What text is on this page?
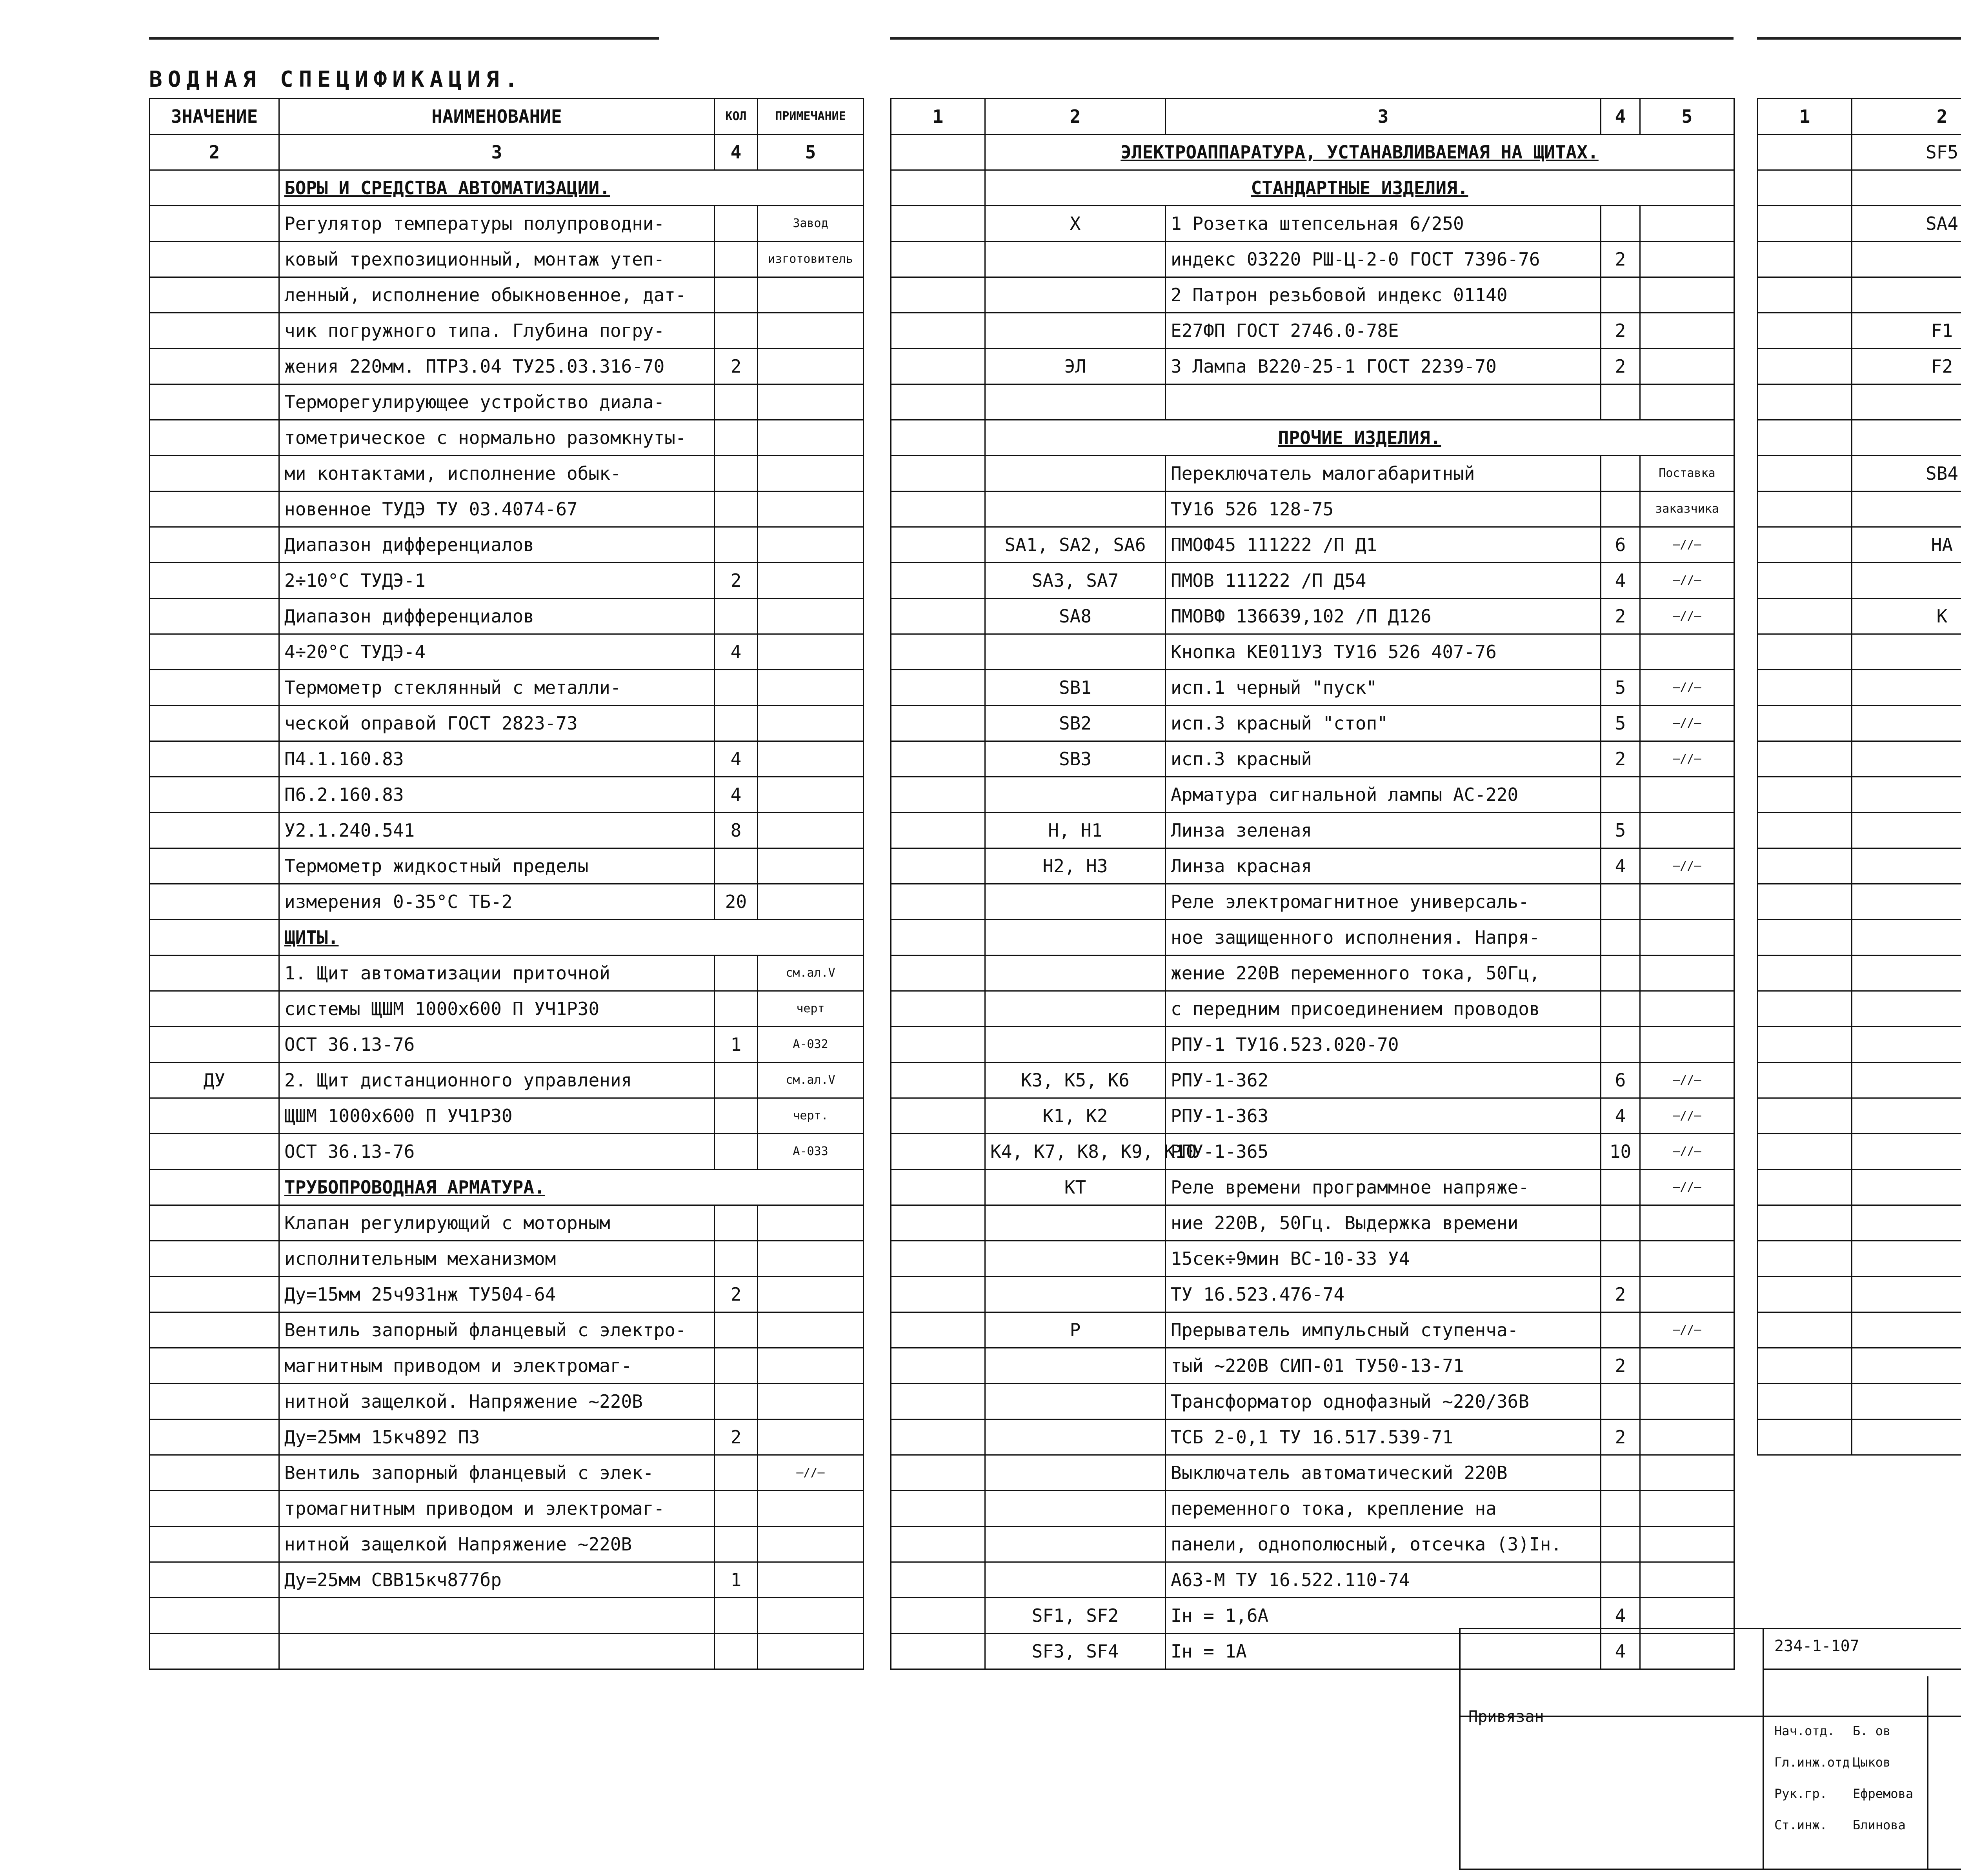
ВОДНАЯ СПЕЦИФИКАЦИЯ.
ЗНАЧЕНИЕ	НАИМЕНОВАНИЕ	КОЛ	ПРИМЕЧАНИЕ
2	3	4	5
	БОРЫ И СРЕДСТВА АВТОМАТИЗАЦИИ.		
	Регулятор температуры полупроводни-		Завод
	ковый трехпозиционный, монтаж утеп-		изготовитель
	ленный, исполнение обыкновенное, дат-		
	чик погружного типа. Глубина погру-		
	жения 220мм. ПТРЗ.04 ТУ25.03.316-70	2	
	Терморегулирующее устройство диала-		
	тометрическое с нормально разомкнуты-		
	ми контактами, исполнение обык-		
	новенное ТУДЭ ТУ 03.4074-67		
	Диапазон дифференциалов		
	2÷10°C ТУДЭ-1	2	
	Диапазон дифференциалов		
	4÷20°C ТУДЭ-4	4	
	Термометр стеклянный с металли-		
	ческой оправой ГОСТ 2823-73		
	П4.1.160.83	4	
	П6.2.160.83	4	
	У2.1.240.541	8	
	Термометр жидкостный пределы		
	измерения 0-35°C ТБ-2	20	
	ЩИТЫ.		
	1. Щит автоматизации приточной		см.ал.V
	системы ЩШМ 1000х600 П УЧ1Р30		черт
	ОСТ 36.13-76	1	А-032
ДУ	2. Щит дистанционного управления		см.ал.V
	ЩШМ 1000х600 П УЧ1Р30		черт.
	ОСТ 36.13-76		А-033
	ТРУБОПРОВОДНАЯ АРМАТУРА.		
	Клапан регулирующий с моторным		
	исполнительным механизмом		
	Ду=15мм 25ч931нж ТУ504-64	2	
	Вентиль запорный фланцевый с электро-		
	магнитным приводом и электромаг-		
	нитной защелкой. Напряжение ~220В		
	Ду=25мм 15кч892 П3	2	
	Вентиль запорный фланцевый с элек-		—//—
	тромагнитным приводом и электромаг-		
	нитной защелкой Напряжение ~220В		
	Ду=25мм СВВ15кч877бр	1	

1	2	3	4	5
	ЭЛЕКТРОАППАРАТУРА, УСТАНАВЛИВАЕМАЯ НА ЩИТАХ.			
	СТАНДАРТНЫЕ ИЗДЕЛИЯ.			
	X	1 Розетка штепсельная 6/250		
		индекс 03220 РШ-Ц-2-0 ГОСТ 7396-76	2	
		2 Патрон резьбовой индекс 01140		
		Е27ФП ГОСТ 2746.0-78Е	2	
	ЭЛ	3 Лампа В220-25-1 ГОСТ 2239-70	2	

	ПРОЧИЕ ИЗДЕЛИЯ.			
		Переключатель малогабаритный		Поставка
		ТУ16 526 128-75		заказчика
	SA1, SA2, SA6	ПМОФ45 111222 /П Д1	6	—//—
	SA3, SA7	ПМОВ 111222 /П Д54	4	—//—
	SA8	ПМОВФ 136639,102 /П Д126	2	—//—
		Кнопка КЕ011УЗ ТУ16 526 407-76		
	SB1	исп.1 черный "пуск"	5	—//—
	SB2	исп.3 красный "стоп"	5	—//—
	SB3	исп.3 красный	2	—//—
		Арматура сигнальной лампы АС-220		
	H, H1	Линза зеленая	5	
	H2, H3	Линза красная	4	—//—
		Реле электромагнитное универсаль-		
		ное защищенного исполнения. Напря-		
		жение 220В переменного тока, 50Гц,		
		с передним присоединением проводов		
		РПУ-1 ТУ16.523.020-70		
	K3, K5, K6	РПУ-1-362	6	—//—
	K1, K2	РПУ-1-363	4	—//—
	K4, K7, K8, K9, K10	РПУ-1-365	10	—//—
	KT	Реле времени программное напряже-		—//—
		ние 220В, 50Гц. Выдержка времени		
		15сек÷9мин ВС-10-33 У4		
		ТУ 16.523.476-74	2	
	P	Прерыватель импульсный ступенча-		—//—
		тый ~220В СИП-01 ТУ50-13-71	2	
		Трансформатор однофазный ~220/36В		
		ТСБ 2-0,1 ТУ 16.517.539-71	2	
		Выключатель автоматический 220В		
		переменного тока, крепление на		
		панели, однополюсный, отсечка (3)Iн.		
		А63-М ТУ 16.522.110-74		
	SF1, SF2	Iн = 1,6А	4	
	SF3, SF4	Iн = 1А	4	
1	2			
	SF5			

	SA4			

	F1			
	F2			

	SB4			

	HA			

	K			

Привязан
234-1-107
Нач.отд.
Гл.инж.отд.
Рук.гр.
Ст.инж.
Б. ов
Цыков
Ефремова
Блинова
